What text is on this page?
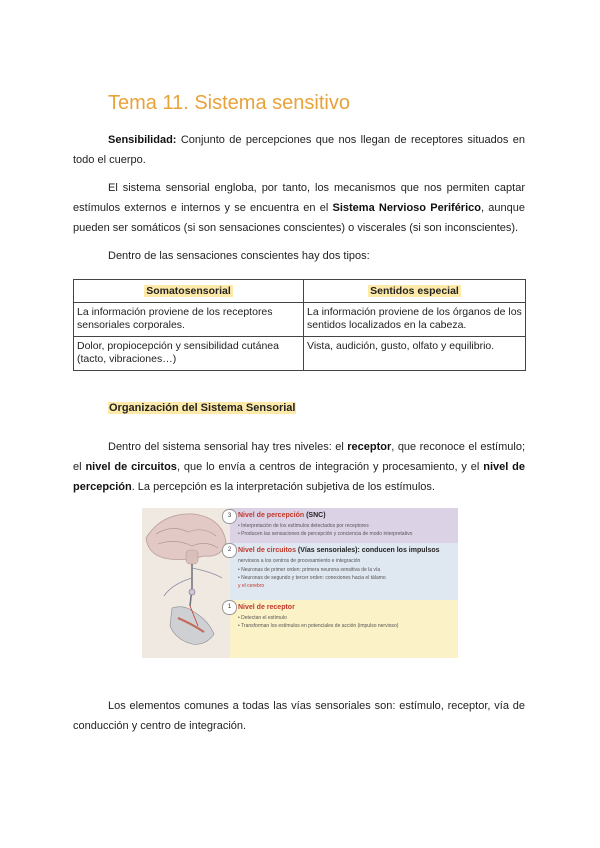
Tema 11. Sistema sensitivo

Sensibilidad: Conjunto de percepciones que nos llegan de receptores situados en todo el cuerpo.

El sistema sensorial engloba, por tanto, los mecanismos que nos permiten captar estímulos externos e internos y se encuentra en el Sistema Nervioso Periférico, aunque pueden ser somáticos (si son sensaciones conscientes) o viscerales (si son inconscientes).

Dentro de las sensaciones conscientes hay dos tipos:

Somatosensorial	Sentidos especial
La información proviene de los receptores sensoriales corporales.	La información proviene de los órganos de los sentidos localizados en la cabeza.
Dolor, propiocepción y sensibilidad cutánea (tacto, vibraciones…)	Vista, audición, gusto, olfato y equilibrio.
Organización del Sistema Sensorial

Dentro del sistema sensorial hay tres niveles: el receptor, que reconoce el estímulo; el nivel de circuitos, que lo envía a centros de integración y procesamiento, y el nivel de percepción. La percepción es la interpretación subjetiva de los estímulos.

3
2
1

Nivel de percepción (SNC)

• Interpretación de los estímulos detectados por receptores

• Producen las sensaciones de percepción y conciencia de modo interpretativo

Nivel de circuitos (Vías sensoriales): conducen los impulsos

nerviosos a los centros de procesamiento e integración

• Neuronas de primer orden: primera neurona sensitiva de la vía

• Neuronas de segundo y tercer orden: conexiones hacia el tálamo

y el cerebro

Nivel de receptor

• Detectan el estímulo

• Transforman los estímulos en potenciales de acción (impulso nervioso)

Los elementos comunes a todas las vías sensoriales son: estímulo, receptor, vía de conducción y centro de integración.
